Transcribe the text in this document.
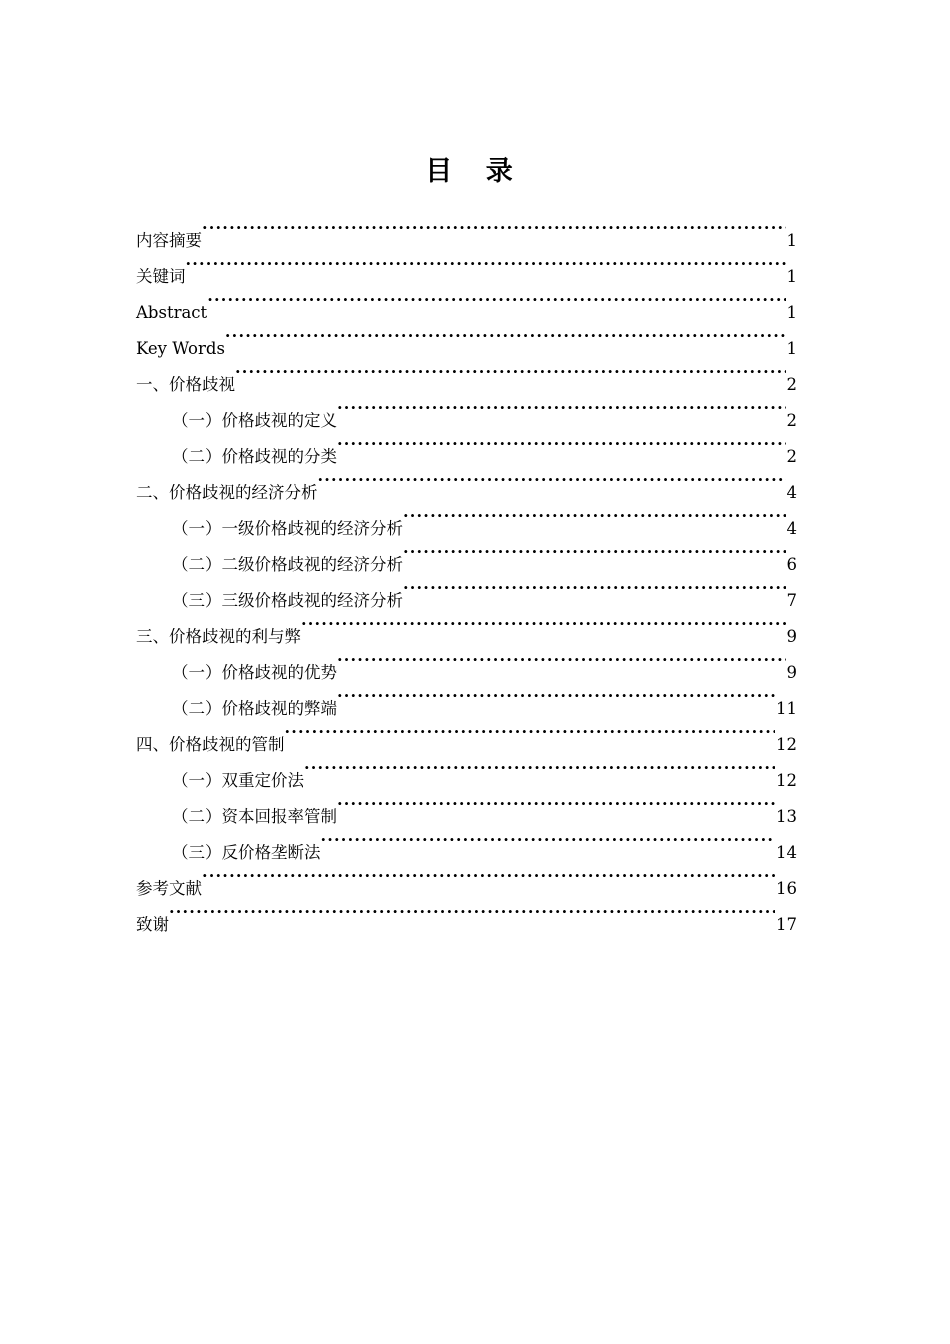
目 录
内容摘要 ·····	1
关键词 ·····	1
Abstract ·····	1
Key Words ·····	1
一、价格歧视 ·····	2
（一）价格歧视的定义 ·····	2
（二）价格歧视的分类 ·····	2
二、价格歧视的经济分析 ·····	4
（一）一级价格歧视的经济分析 ·····	4
（二）二级价格歧视的经济分析 ·····	6
（三）三级价格歧视的经济分析 ·····	7
三、价格歧视的利与弊 ·····	9
（一）价格歧视的优势 ·····	9
（二）价格歧视的弊端 ·····	11
四、价格歧视的管制 ·····	12
（一）双重定价法 ·····	12
（二）资本回报率管制 ·····	13
（三）反价格垄断法 ·····	14
参考文献 ·····	16
致谢 ·····	17
